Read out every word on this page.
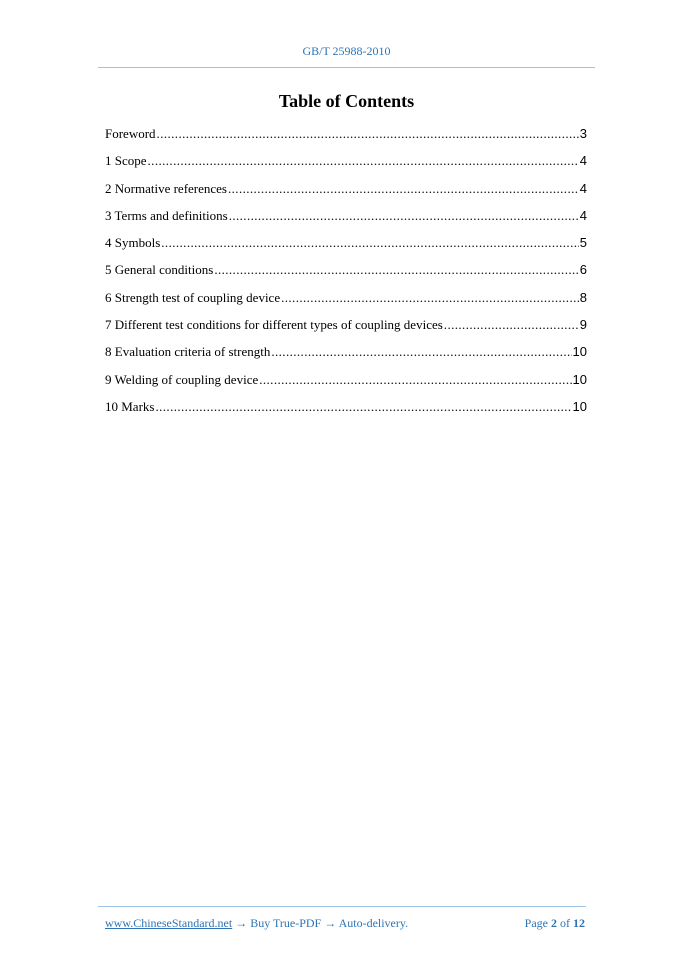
GB/T 25988-2010
Table of Contents
Foreword .....	3
1 Scope .....	4
2 Normative references .....	4
3 Terms and definitions .....	4
4 Symbols .....	5
5 General conditions .....	6
6 Strength test of coupling device .....	8
7 Different test conditions for different types of coupling devices .....	9
8 Evaluation criteria of strength .....	10
9 Welding of coupling device .....	10
10 Marks .....	10
www.ChineseStandard.net → Buy True-PDF → Auto-delivery.	Page 2 of 12
